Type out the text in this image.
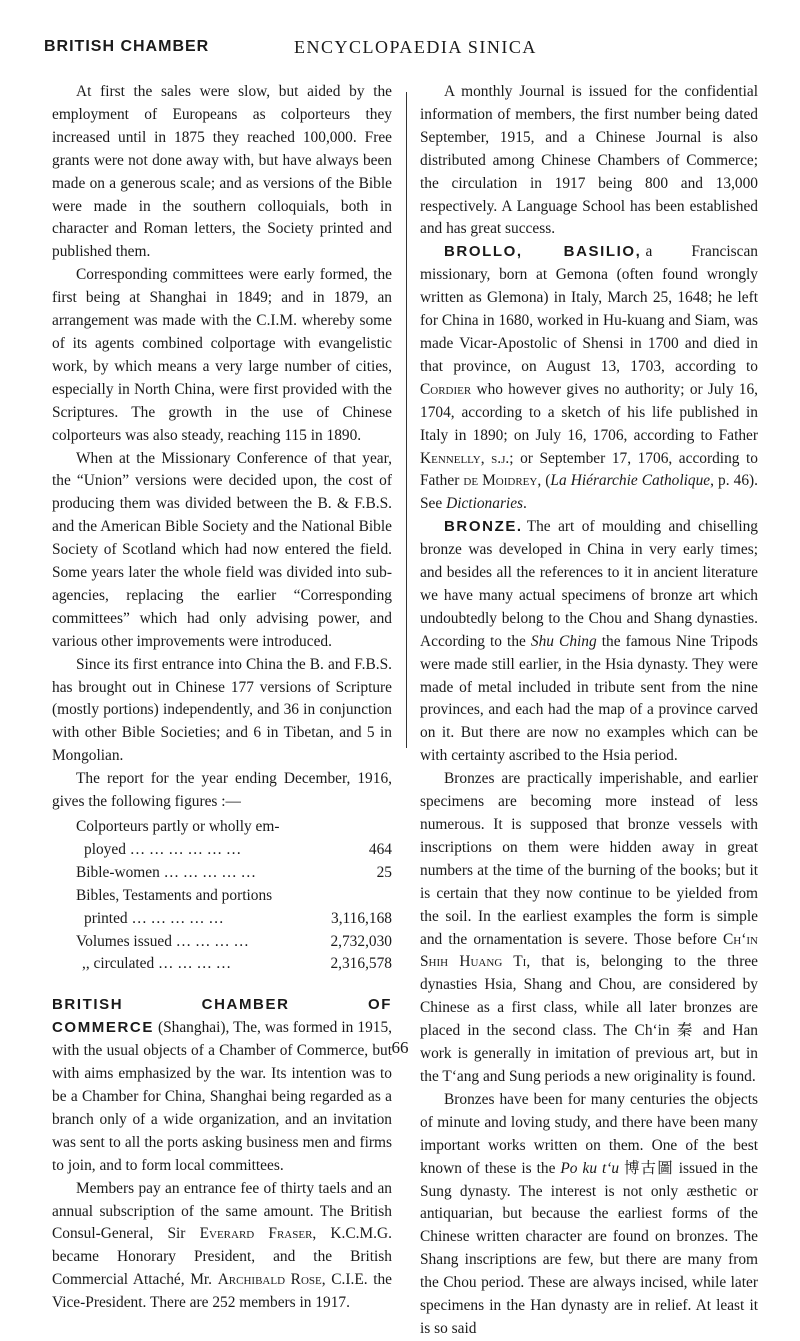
BRITISH CHAMBER	ENCYCLOPAEDIA SINICA

At first the sales were slow, but aided by the employment of Europeans as colporteurs they increased until in 1875 they reached 100,000. Free grants were not done away with, but have always been made on a generous scale; and as versions of the Bible were made in the southern colloquials, both in character and Roman letters, the Society printed and published them.

Corresponding committees were early formed, the first being at Shanghai in 1849; and in 1879, an arrangement was made with the C.I.M. whereby some of its agents combined colportage with evangelistic work, by which means a very large number of cities, especially in North China, were first provided with the Scriptures. The growth in the use of Chinese colporteurs was also steady, reaching 115 in 1890.

When at the Missionary Conference of that year, the “Union” versions were decided upon, the cost of producing them was divided between the B. & F.B.S. and the American Bible Society and the National Bible Society of Scotland which had now entered the field. Some years later the whole field was divided into sub-agencies, replacing the earlier “Corresponding committees” which had only advising power, and various other improvements were introduced.

Since its first entrance into China the B. and F.B.S. has brought out in Chinese 177 versions of Scripture (mostly portions) independently, and 36 in conjunction with other Bible Societies; and 6 in Tibetan, and 5 in Mongolian.

The report for the year ending December, 1916, gives the following figures :—

Colporteurs partly or wholly em-
ployed … … … … … …	464
Bible-women … … … … …	25
Bibles, Testaments and portions
printed … … … … …	3,116,168
Volumes issued … … … …	2,732,030
,, circulated … … … …	2,316,578

BRITISH CHAMBER OF COMMERCE (Shanghai), The, was formed in 1915, with the usual objects of a Chamber of Commerce, but with aims emphasized by the war. Its intention was to be a Chamber for China, Shanghai being regarded as a branch only of a wide organization, and an invitation was sent to all the ports asking business men and firms to join, and to form local committees.

Members pay an entrance fee of thirty taels and an annual subscription of the same amount. The British Consul-General, Sir Everard Fraser, K.C.M.G. became Honorary President, and the British Commercial Attaché, Mr. Archibald Rose, C.I.E. the Vice-President. There are 252 members in 1917.

A monthly Journal is issued for the confidential information of members, the first number being dated September, 1915, and a Chinese Journal is also distributed among Chinese Chambers of Commerce; the circulation in 1917 being 800 and 13,000 respectively. A Language School has been established and has great success.

BROLLO, BASILIO, a Franciscan missionary, born at Gemona (often found wrongly written as Glemona) in Italy, March 25, 1648; he left for China in 1680, worked in Hu-kuang and Siam, was made Vicar-Apostolic of Shensi in 1700 and died in that province, on August 13, 1703, according to Cordier who however gives no authority; or July 16, 1704, according to a sketch of his life published in Italy in 1890; on July 16, 1706, according to Father Kennelly, s.j.; or September 17, 1706, according to Father de Moidrey, (La Hiérarchie Catholique, p. 46). See Dictionaries.

BRONZE. The art of moulding and chiselling bronze was developed in China in very early times; and besides all the references to it in ancient literature we have many actual specimens of bronze art which undoubtedly belong to the Chou and Shang dynasties. According to the Shu Ching the famous Nine Tripods were made still earlier, in the Hsia dynasty. They were made of metal included in tribute sent from the nine provinces, and each had the map of a province carved on it. But there are now no examples which can be with certainty ascribed to the Hsia period.

Bronzes are practically imperishable, and earlier specimens are becoming more instead of less numerous. It is supposed that bronze vessels with inscriptions on them were hidden away in great numbers at the time of the burning of the books; but it is certain that they now continue to be yielded from the soil. In the earliest examples the form is simple and the ornamentation is severe. Those before Ch‘in Shih Huang Ti, that is, belonging to the three dynasties Hsia, Shang and Chou, are considered by Chinese as a first class, while all later bronzes are placed in the second class. The Ch‘in 秦 and Han work is generally in imitation of previous art, but in the T‘ang and Sung periods a new originality is found.

Bronzes have been for many centuries the objects of minute and loving study, and there have been many important works written on them. One of the best known of these is the Po ku t‘u 博古圖 issued in the Sung dynasty. The interest is not only æsthetic or antiquarian, but because the earliest forms of the Chinese written character are found on bronzes. The Shang inscriptions are few, but there are many from the Chou period. These are always incised, while later specimens in the Han dynasty are in relief. At least it is so said

66
